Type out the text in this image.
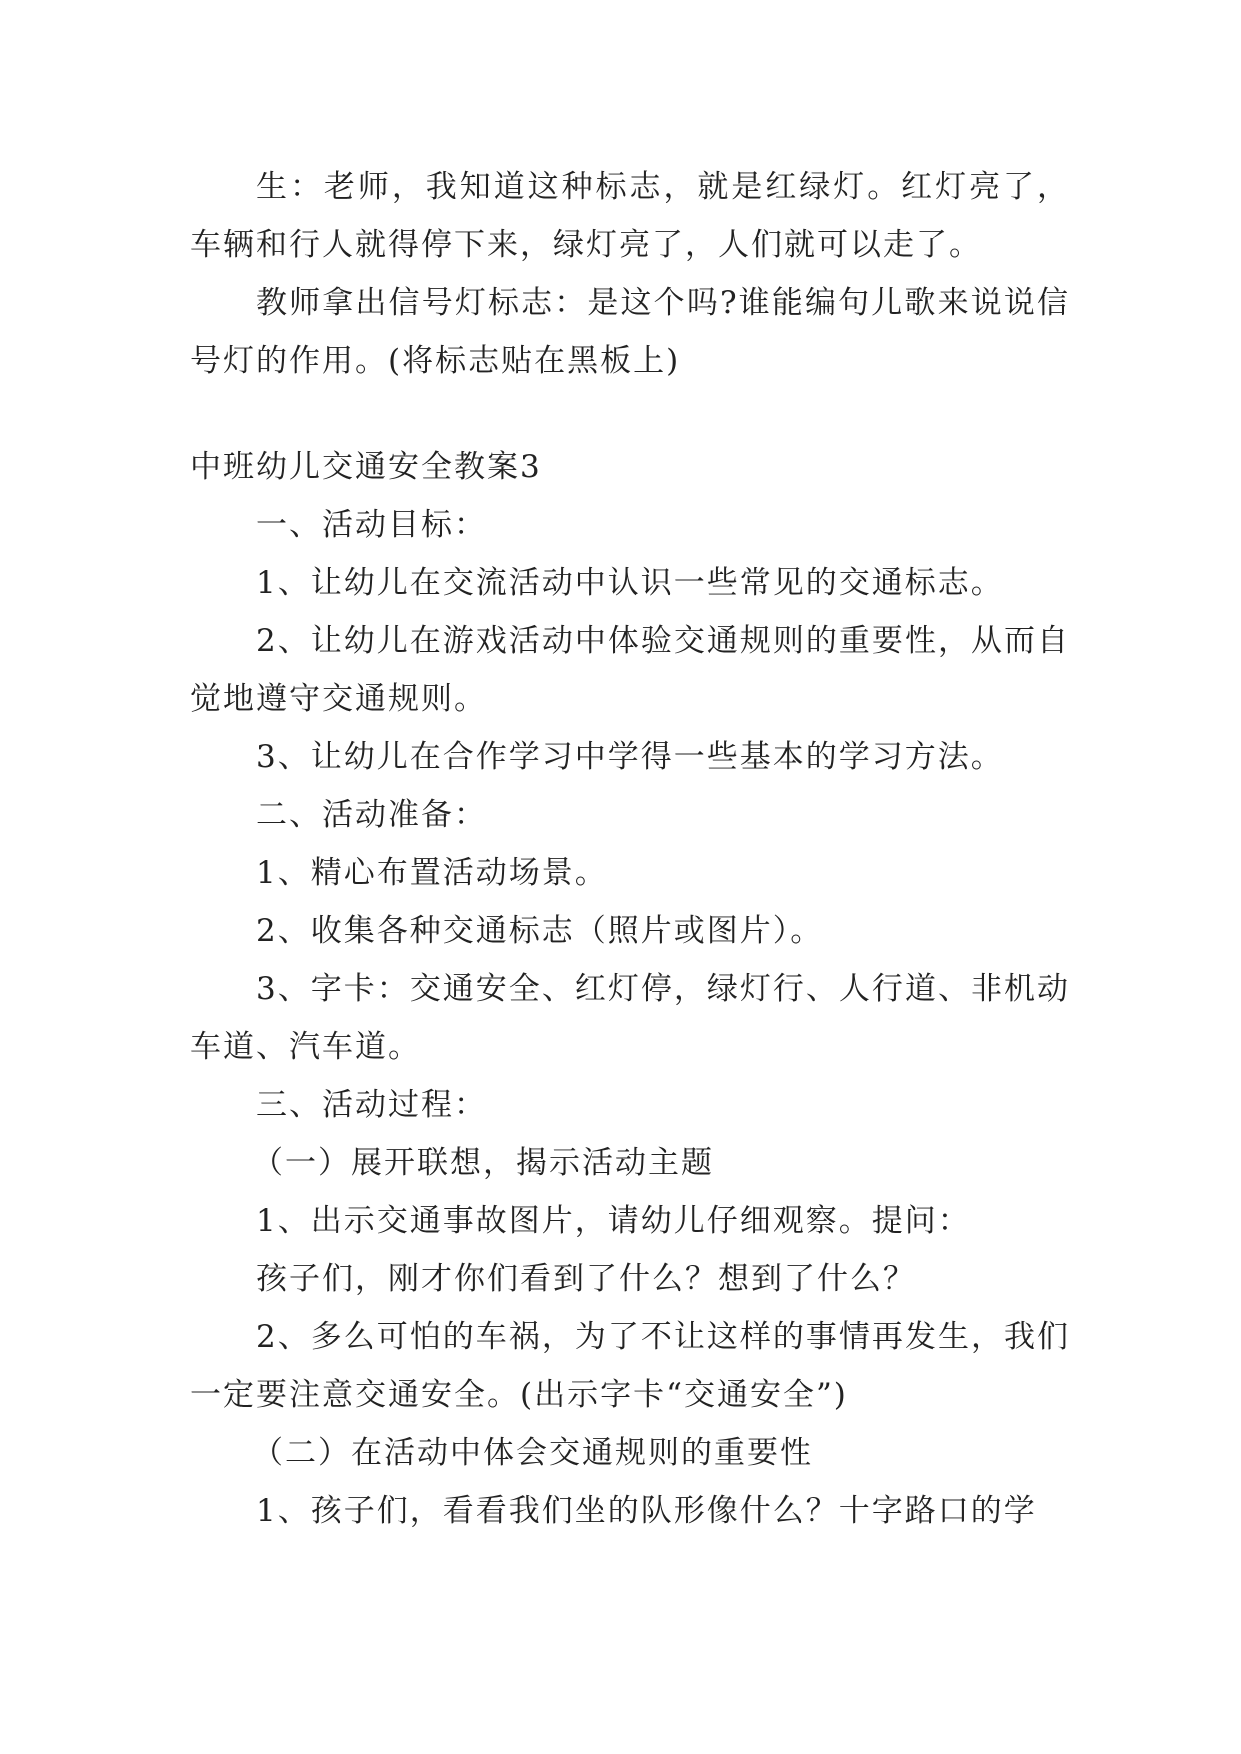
生：老师，我知道这种标志，就是红绿灯。红灯亮了，车辆和行人就得停下来，绿灯亮了，人们就可以走了。

教师拿出信号灯标志：是这个吗?谁能编句儿歌来说说信号灯的作用。(将标志贴在黑板上)

中班幼儿交通安全教案3

一、活动目标：

1、让幼儿在交流活动中认识一些常见的交通标志。

2、让幼儿在游戏活动中体验交通规则的重要性，从而自觉地遵守交通规则。

3、让幼儿在合作学习中学得一些基本的学习方法。

二、活动准备：

1、精心布置活动场景。

2、收集各种交通标志（照片或图片）。

3、字卡：交通安全、红灯停，绿灯行、人行道、非机动车道、汽车道。

三、活动过程：

（一）展开联想，揭示活动主题

1、出示交通事故图片，请幼儿仔细观察。提问：

孩子们，刚才你们看到了什么？想到了什么？

2、多么可怕的车祸，为了不让这样的事情再发生，我们一定要注意交通安全。(出示字卡“交通安全”)

（二）在活动中体会交通规则的重要性

1、孩子们，看看我们坐的队形像什么？十字路口的学
